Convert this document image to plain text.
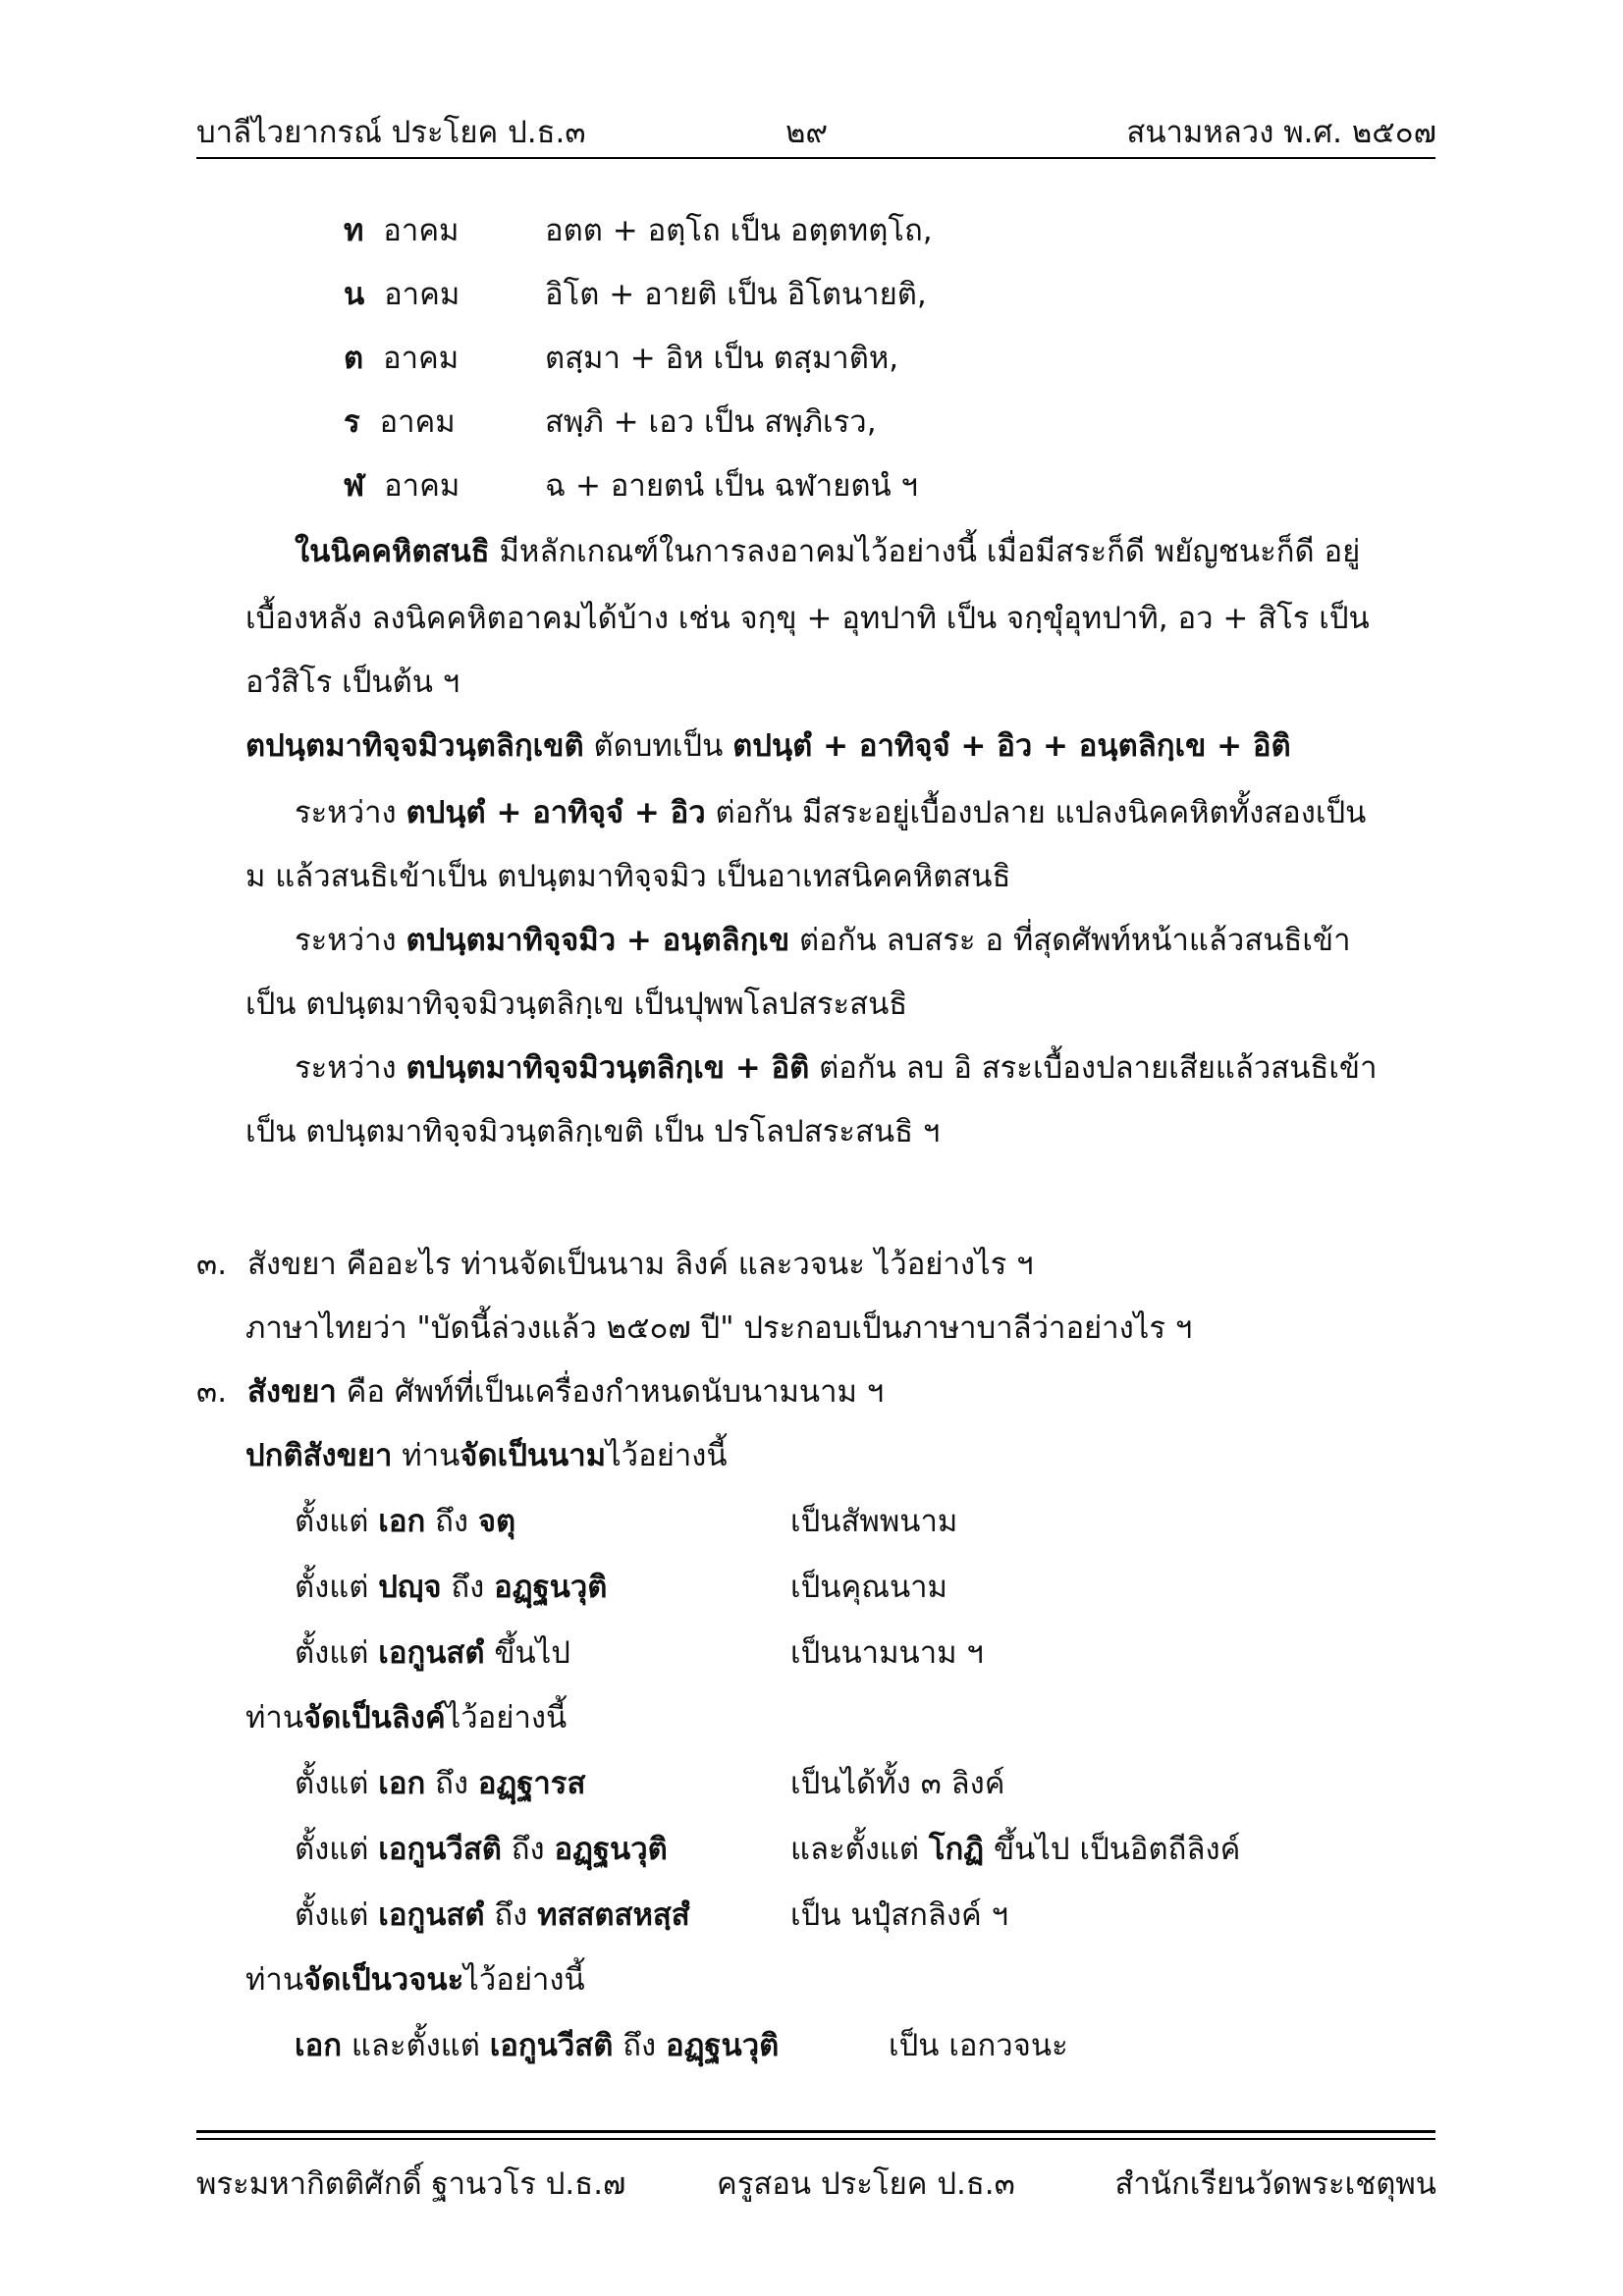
บาลีไวยากรณ์ ประโยค ป.ธ.๓	๒๙	สนามหลวง พ.ศ. ๒๕๐๗
ท อาคม	อตต + อตฺโถ เป็น อตฺตทตฺโถ,
น อาคม	อิโต + อายติ เป็น อิโตนายติ,
ต อาคม	ตสฺมา + อิห เป็น ตสฺมาติห,
ร อาคม	สพฺภิ + เอว เป็น สพฺภิเรว,
ฬ อาคม	ฉ + อายตนํ เป็น ฉฬายตนํ ฯ
ในนิคคหิตสนธิ มีหลักเกณฑ์ในการลงอาคมไว้อย่างนี้ เมื่อมีสระก็ดี พยัญชนะก็ดี อยู่
เบื้องหลัง ลงนิคคหิตอาคมได้บ้าง เช่น จกฺขุ + อุทปาทิ เป็น จกฺขุํอุทปาทิ, อว + สิโร เป็น
อวํสิโร เป็นต้น ฯ
ตปนฺตมาทิจฺจมิวนฺตลิกฺเขติ ตัดบทเป็น ตปนฺตํ + อาทิจฺจํ + อิว + อนฺตลิกฺเข + อิติ
ระหว่าง ตปนฺตํ + อาทิจฺจํ + อิว ต่อกัน มีสระอยู่เบื้องปลาย แปลงนิคคหิตทั้งสองเป็น
ม แล้วสนธิเข้าเป็น ตปนฺตมาทิจฺจมิว เป็นอาเทสนิคคหิตสนธิ
ระหว่าง ตปนฺตมาทิจฺจมิว + อนฺตลิกฺเข ต่อกัน ลบสระ อ ที่สุดศัพท์หน้าแล้วสนธิเข้า
เป็น ตปนฺตมาทิจฺจมิวนฺตลิกฺเข เป็นปุพพโลปสระสนธิ
ระหว่าง ตปนฺตมาทิจฺจมิวนฺตลิกฺเข + อิติ ต่อกัน ลบ อิ สระเบื้องปลายเสียแล้วสนธิเข้า
เป็น ตปนฺตมาทิจฺจมิวนฺตลิกฺเขติ เป็น ปรโลปสระสนธิ ฯ
๓. สังขยา คืออะไร ท่านจัดเป็นนาม ลิงค์ และวจนะ ไว้อย่างไร ฯ
ภาษาไทยว่า "บัดนี้ล่วงแล้ว ๒๕๐๗ ปี" ประกอบเป็นภาษาบาลีว่าอย่างไร ฯ
๓. สังขยา คือ ศัพท์ที่เป็นเครื่องกำหนดนับนามนาม ฯ
ปกติสังขยา ท่านจัดเป็นนามไว้อย่างนี้
ตั้งแต่ เอก ถึง จตุ	เป็นสัพพนาม
ตั้งแต่ ปญฺจ ถึง อฏฺฐนวุติ	เป็นคุณนาม
ตั้งแต่ เอกูนสตํ ขึ้นไป	เป็นนามนาม ฯ
ท่านจัดเป็นลิงค์ไว้อย่างนี้
ตั้งแต่ เอก ถึง อฏฺฐารส	เป็นได้ทั้ง ๓ ลิงค์
ตั้งแต่ เอกูนวีสติ ถึง อฏฺฐนวุติ	และตั้งแต่ โกฏิ ขึ้นไป เป็นอิตถีลิงค์
ตั้งแต่ เอกูนสตํ ถึง ทสสตสหสฺสํ	เป็น นปุํสกลิงค์ ฯ
ท่านจัดเป็นวจนะไว้อย่างนี้
เอก และตั้งแต่ เอกูนวีสติ ถึง อฏฺฐนวุติ	เป็น เอกวจนะ
พระมหากิตติศักดิ์ ฐานวโร ป.ธ.๗	ครูสอน ประโยค ป.ธ.๓	สำนักเรียนวัดพระเชตุพน
